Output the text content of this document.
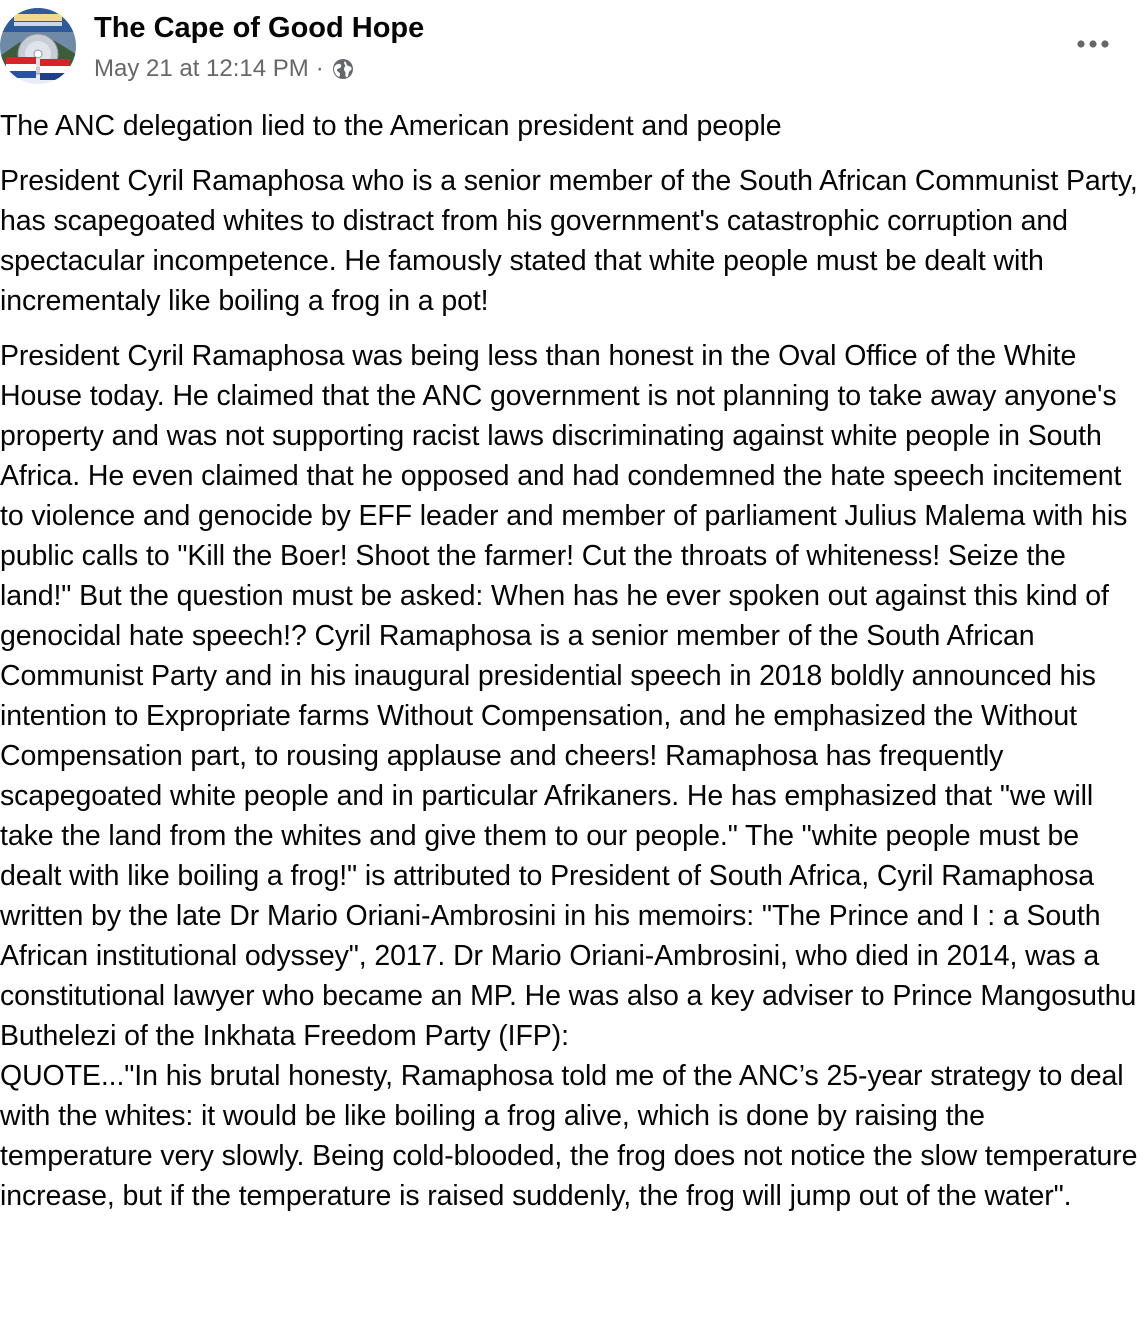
The Cape of Good Hope
May 21 at 12:14 PM ·

The ANC delegation lied to the American president and people

President Cyril Ramaphosa who is a senior member of the South African Communist Party, has scapegoated whites to distract from his government's catastrophic corruption and spectacular incompetence. He famously stated that white people must be dealt with incrementaly like boiling a frog in a pot!

President Cyril Ramaphosa was being less than honest in the Oval Office of the White House today. He claimed that the ANC government is not planning to take away anyone's property and was not supporting racist laws discriminating against white people in South Africa. He even claimed that he opposed and had condemned the hate speech incitement to violence and genocide by EFF leader and member of parliament Julius Malema with his public calls to "Kill the Boer! Shoot the farmer! Cut the throats of whiteness! Seize the land!" But the question must be asked: When has he ever spoken out against this kind of genocidal hate speech!? Cyril Ramaphosa is a senior member of the South African Communist Party and in his inaugural presidential speech in 2018 boldly announced his intention to Expropriate farms Without Compensation, and he emphasized the Without Compensation part, to rousing applause and cheers! Ramaphosa has frequently scapegoated white people and in particular Afrikaners. He has emphasized that "we will take the land from the whites and give them to our people." The "white people must be dealt with like boiling a frog!" is attributed to President of South Africa, Cyril Ramaphosa written by the late Dr Mario Oriani-Ambrosini in his memoirs: "The Prince and I : a South African institutional odyssey", 2017. Dr Mario Oriani-Ambrosini, who died in 2014, was a constitutional lawyer who became an MP. He was also a key adviser to Prince Mangosuthu Buthelezi of the Inkhata Freedom Party (IFP):
QUOTE..."In his brutal honesty, Ramaphosa told me of the ANC’s 25-year strategy to deal with the whites: it would be like boiling a frog alive, which is done by raising the temperature very slowly. Being cold-blooded, the frog does not notice the slow temperature increase, but if the temperature is raised suddenly, the frog will jump out of the water".
